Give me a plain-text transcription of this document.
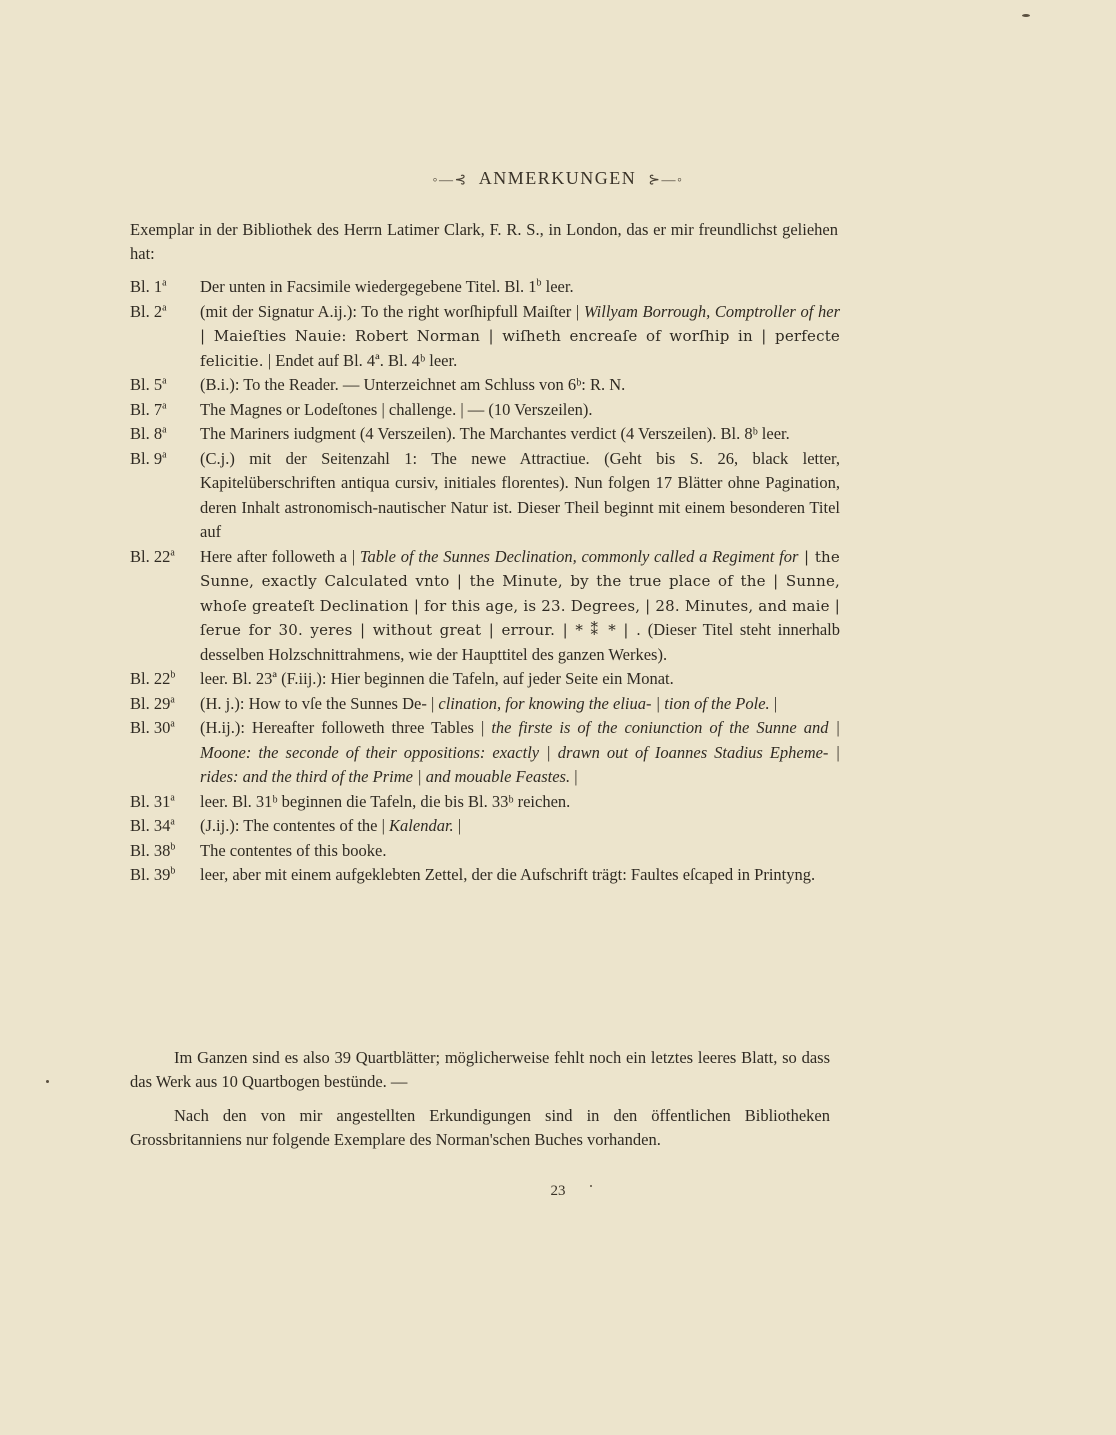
◦—⊰ ANMERKUNGEN ⊱—◦
Exemplar in der Bibliothek des Herrn Latimer Clark, F. R. S., in London, das er mir freundlichst geliehen hat:
Bl. 1$^a$	Der unten in Facsimile wiedergegebene Titel. Bl. 1$^b$ leer.
Bl. 2$^a$	(mit der Signatur A.ij.): To the right worſhipfull Maiſter | Willyam Borrough, Comptroller of her | Maieſties Nauie: Robert Norman | wiſheth encreaſe of worſhip in | perfecte felicitie. | Endet auf Bl. 4ª. Bl. 4ᵇ leer.
Bl. 5$^a$	(B.i.): To the Reader. — Unterzeichnet am Schluss von 6ᵇ: R. N.
Bl. 7$^a$	The Magnes or Lodeſtones | challenge. | — (10 Verszeilen).
Bl. 8$^a$	The Mariners iudgment (4 Verszeilen). The Marchantes verdict (4 Verszeilen). Bl. 8ᵇ leer.
Bl. 9$^a$	(C.j.) mit der Seitenzahl 1: The newe Attractiue. (Geht bis S. 26, black letter, Kapitelüberschriften antiqua cursiv, initiales florentes). Nun folgen 17 Blätter ohne Pagination, deren Inhalt astronomisch-nautischer Natur ist. Dieser Theil beginnt mit einem besonderen Titel auf
Bl. 22$^a$	Here after followeth a | Table of the Sunnes Declination, commonly called a Regiment for | the Sunne, exactly Calculated vnto | the Minute, by the true place of the | Sunne, whoſe greateſt Declination | for this age, is 23. Degrees, | 28. Minutes, and maie | ſerue for 30. yeres | without great | errour. | * ⁑ * | . (Dieser Titel steht innerhalb desselben Holzschnittrahmens, wie der Haupttitel des ganzen Werkes).
Bl. 22$^b$	leer. Bl. 23ª (F.iij.): Hier beginnen die Tafeln, auf jeder Seite ein Monat.
Bl. 29$^a$	(H. j.): How to vſe the Sunnes De- | clination, for knowing the eliua- | tion of the Pole. |
Bl. 30$^a$	(H.ij.): Hereafter followeth three Tables | the firste is of the coniunction of the Sunne and | Moone: the seconde of their oppositions: exactly | drawn out of Ioannes Stadius Epheme- | rides: and the third of the Prime | and mouable Feastes. |
Bl. 31$^a$	leer. Bl. 31ᵇ beginnen die Tafeln, die bis Bl. 33ᵇ reichen.
Bl. 34$^a$	(J.ij.): The contentes of the | Kalendar. |
Bl. 38$^b$	The contentes of this booke.
Bl. 39$^b$	leer, aber mit einem aufgeklebten Zettel, der die Aufschrift trägt: Faultes eſcaped in Printyng.
Im Ganzen sind es also 39 Quartblätter; möglicherweise fehlt noch ein letztes leeres Blatt, so dass das Werk aus 10 Quartbogen bestünde. —
Nach den von mir angestellten Erkundigungen sind in den öffentlichen Bibliotheken Grossbritanniens nur folgende Exemplare des Norman'schen Buches vorhanden.
23
